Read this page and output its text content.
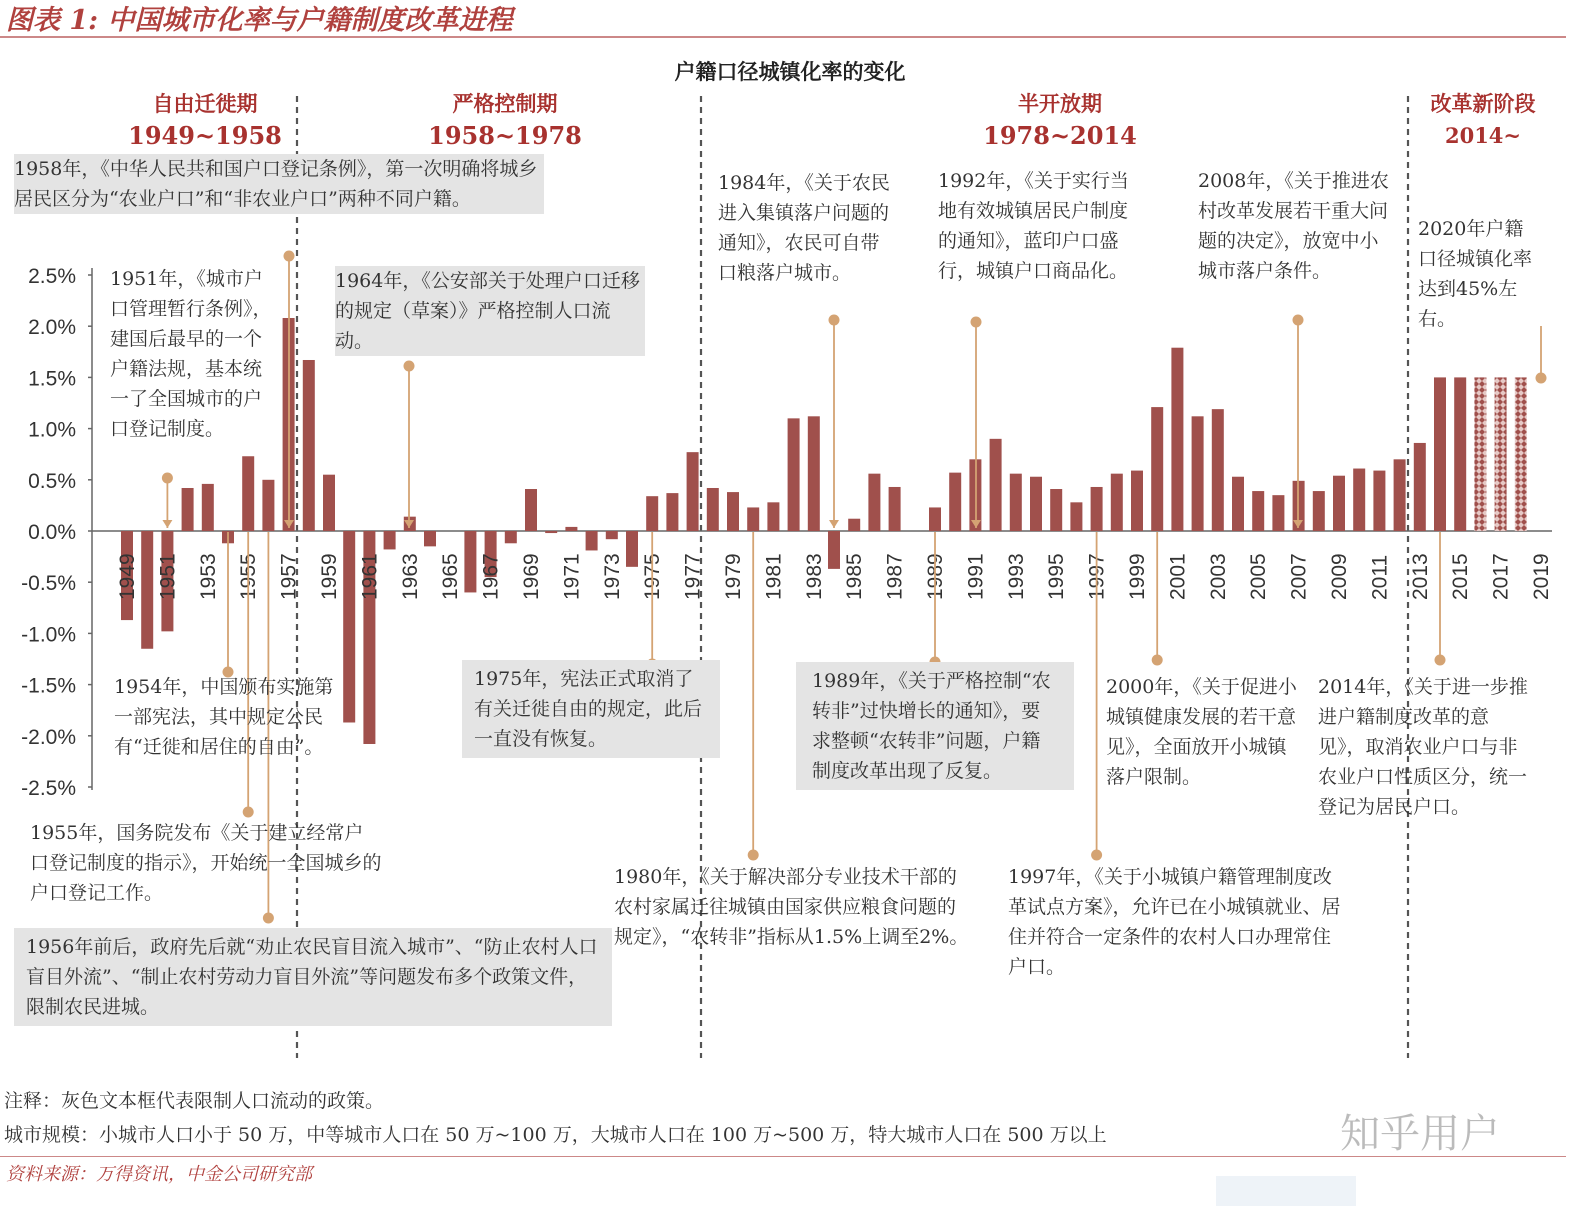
2.5%
2.0%
1.5%
1.0%
0.5%
0.0%
-0.5%
-1.0%
-1.5%
-2.0%
-2.5%
1949 1951 1953 1955 1957 1959 1961 1963 1965 1967 1969 1971 1973 1975 1977 1979 1981 1983 1985 1987 1989 1991 1993 1995 1997 1999 2001 2003 2005 2007 2009 2011 2013 2015 2017 2019
图表 1: 中国城市化率与户籍制度改革进程
户籍口径城镇化率的变化
自由迁徙期
1949~1958
严格控制期
1958~1978
半开放期
1978~2014
改革新阶段2014~
1958年，《中华人民共和国户口登记条例》，第一次明确将城乡居民区分为“农业户口”和“非农业户口”两种不同户籍。
1951年，《城市户口管理暂行条例》，建国后最早的一个户籍法规，基本统一了全国城市的户口登记制度。
1964年，《公安部关于处理户口迁移的规定（草案）》严格控制人口流动。
1984年，《关于农民进入集镇落户问题的通知》，农民可自带口粮落户城市。
1992年，《关于实行当地有效城镇居民户制度的通知》，蓝印户口盛行，城镇户口商品化。
2008年，《关于推进农村改革发展若干重大问题的决定》，放宽中小城市落户条件。
2020年户籍口径城镇化率达到45%左右。
1954年，中国颁布实施第一部宪法，其中规定公民有“迁徙和居住的自由”。
1975年，宪法正式取消了有关迁徙自由的规定，此后一直没有恢复。
1989年，《关于严格控制“农转非”过快增长的通知》，要求整顿“农转非”问题，户籍制度改革出现了反复。
2000年，《关于促进小城镇健康发展的若干意见》，全面放开小城镇落户限制。
2014年，《关于进一步推进户籍制度改革的意见》，取消农业户口与非农业户口性质区分，统一登记为居民户口。
1955年，国务院发布《关于建立经常户口登记制度的指示》，开始统一全国城乡的户口登记工作。
1980年，《关于解决部分专业技术干部的农村家属迁往城镇由国家供应粮食问题的规定》，“农转非”指标从1.5%上调至2%。
1997年，《关于小城镇户籍管理制度改革试点方案》，允许已在小城镇就业、居住并符合一定条件的农村人口办理常住户口。
1956年前后，政府先后就“劝止农民盲目流入城市”、“防止农村人口盲目外流”、“制止农村劳动力盲目外流”等问题发布多个政策文件，限制农民进城。
注释：灰色文本框代表限制人口流动的政策。
城市规模：小城市人口小于 50 万，中等城市人口在 50 万~100 万，大城市人口在 100 万~500 万，特大城市人口在 500 万以上
资料来源：万得资讯，中金公司研究部
知乎用户
